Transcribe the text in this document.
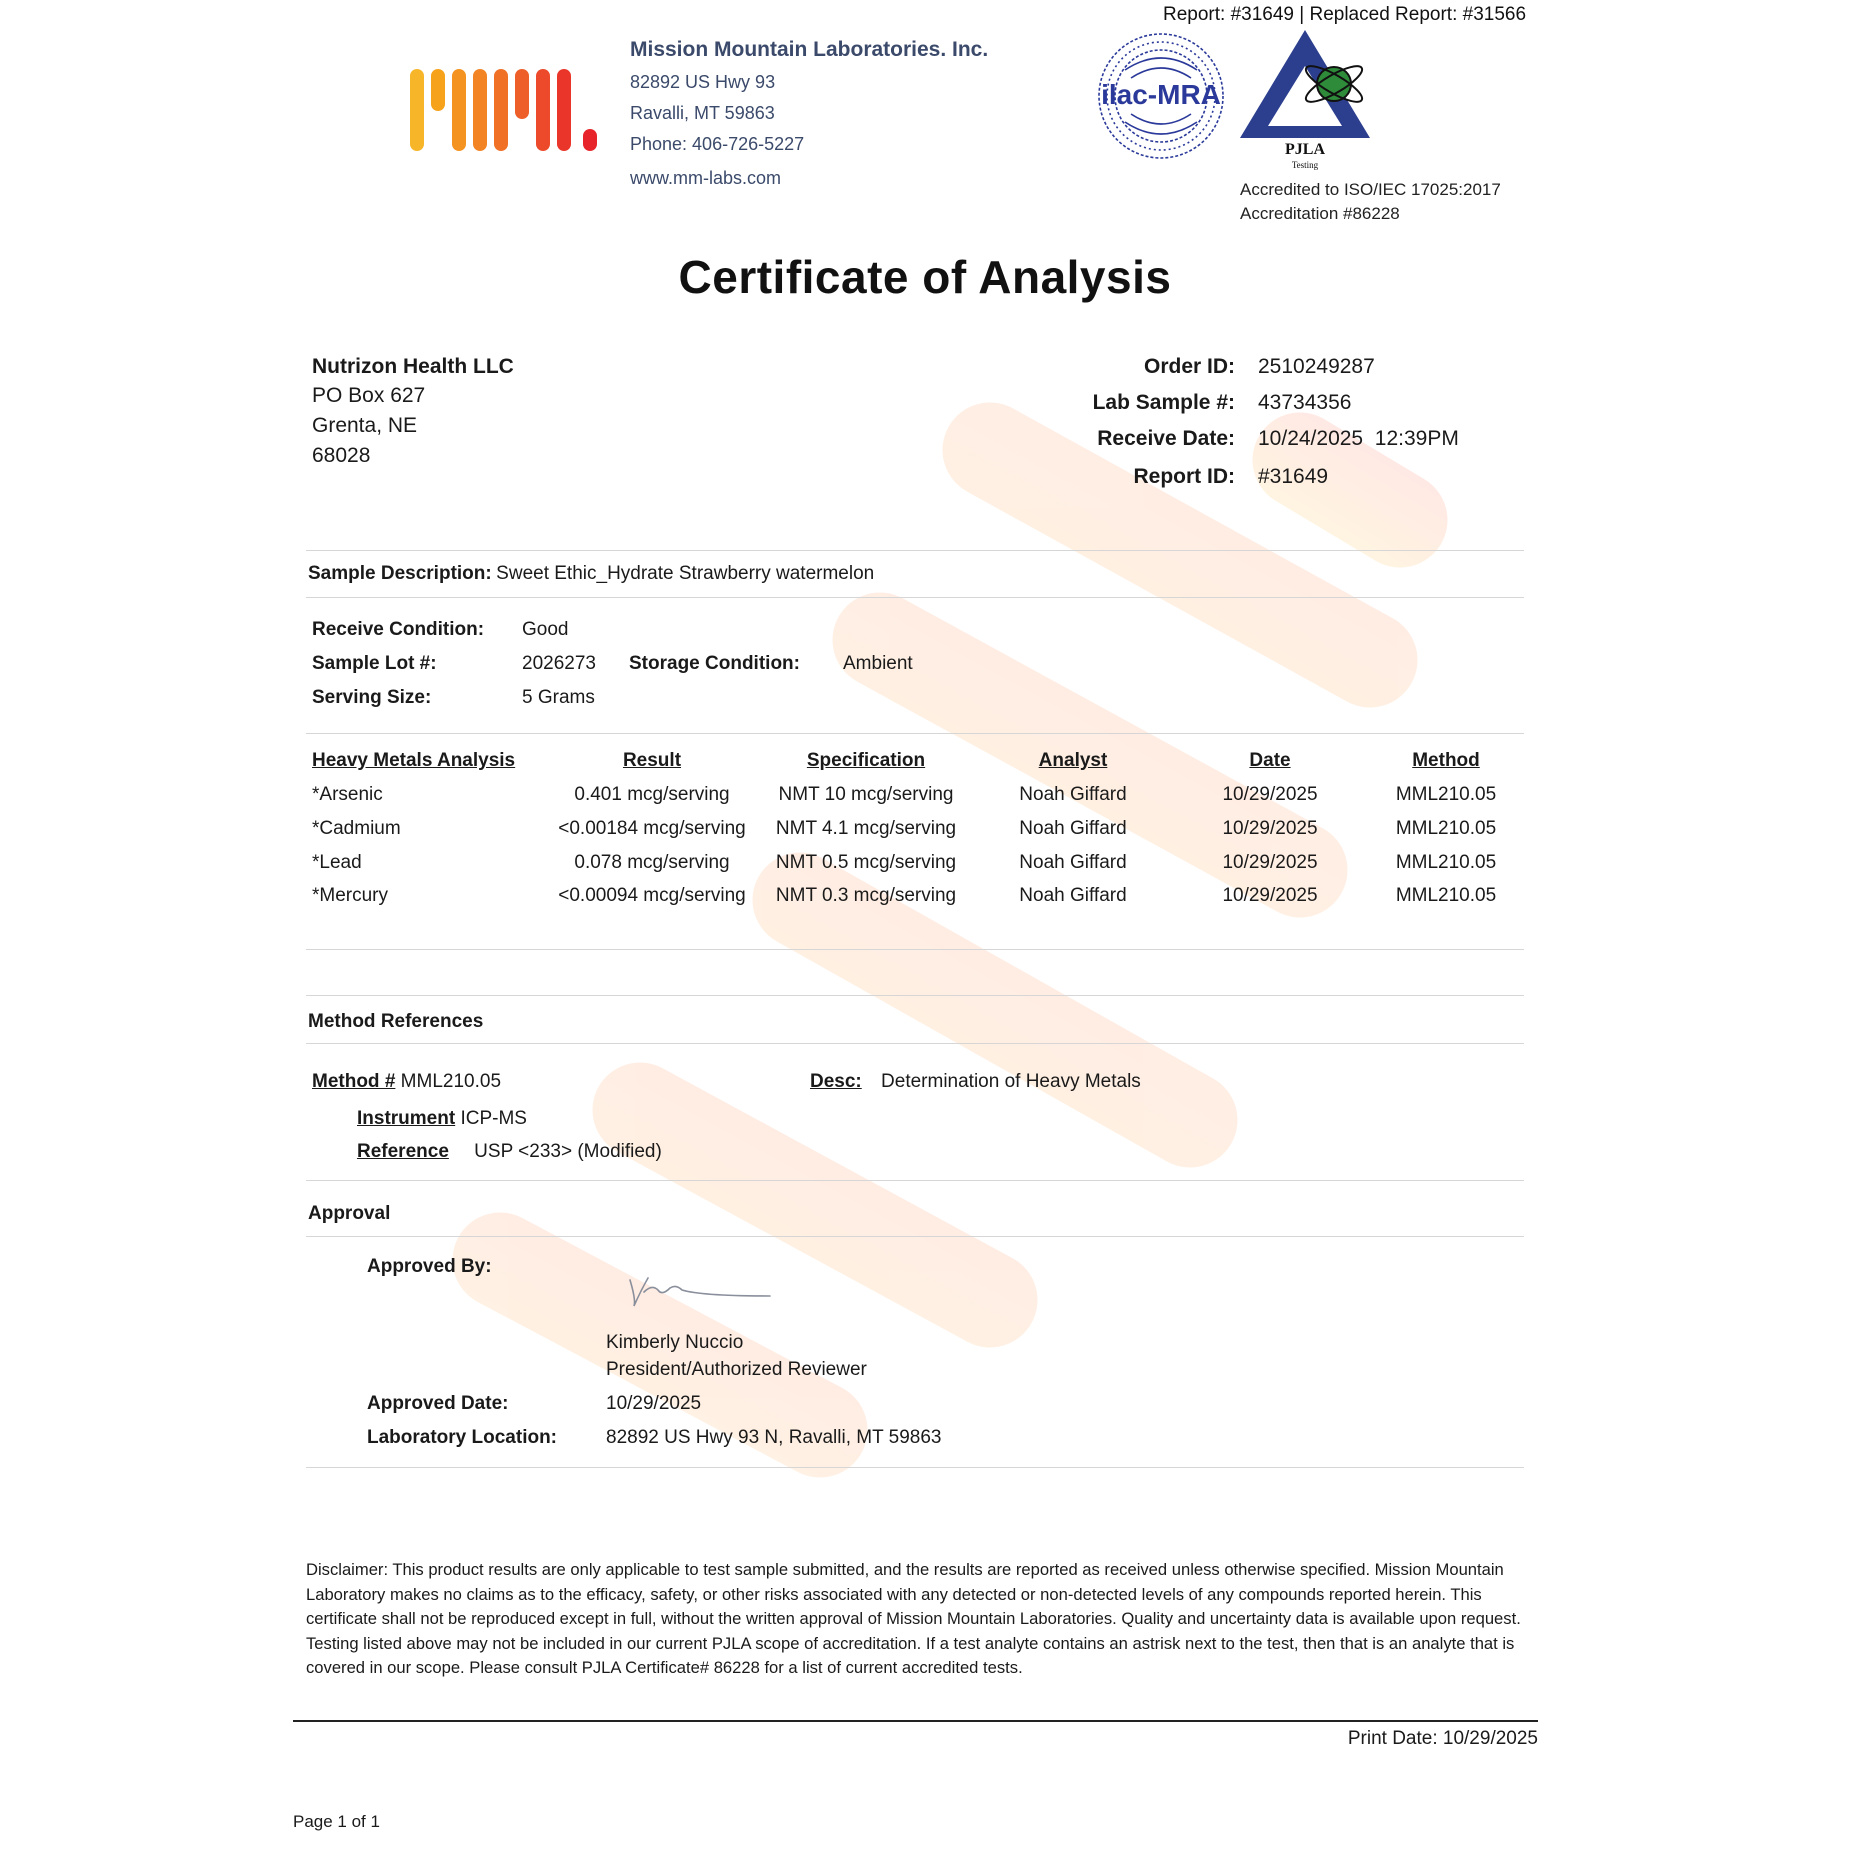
Mission Mountain Laboratories. Inc.
82892 US Hwy 93
Ravalli, MT 59863
Phone: 406-726-5227
www.mm-labs.com
Report: #31649 | Replaced Report: #31566
ilac-MRA
PJLA
Testing
Accredited to ISO/IEC 17025:2017
Accreditation #86228
Certificate of Analysis
Nutrizon Health LLC
PO Box 627
Grenta, NE
68028
Order ID: 2510249287
Lab Sample #: 43734356
Receive Date: 10/24/2025  12:39PM
Report ID: #31649
Sample Description: Sweet Ethic_Hydrate Strawberry watermelon
Receive Condition: Good
Sample Lot #:	2026273 Storage Condition: Ambient
Serving Size:	5 Grams
Heavy Metals Analysis	Result	Specification	Analyst	Date	Method
*Arsenic	0.401 mcg/serving	NMT 10 mcg/serving	Noah Giffard	10/29/2025	MML210.05
*Cadmium	<0.00184 mcg/serving	NMT 4.1 mcg/serving	Noah Giffard	10/29/2025	MML210.05
*Lead	0.078 mcg/serving	NMT 0.5 mcg/serving	Noah Giffard	10/29/2025	MML210.05
*Mercury	<0.00094 mcg/serving	NMT 0.3 mcg/serving	Noah Giffard	10/29/2025	MML210.05
Method References
Method # MML210.05	Desc: Determination of Heavy Metals
Instrument ICP-MS
Reference USP <233> (Modified)
Approval
Approved By:
Kimberly Nuccio
President/Authorized Reviewer
Approved Date:	10/29/2025
Laboratory Location:	82892 US Hwy 93 N, Ravalli, MT 59863
Disclaimer: This product results are only applicable to test sample submitted, and the results are reported as received unless otherwise specified. Mission Mountain Laboratory makes no claims as to the efficacy, safety, or other risks associated with any detected or non-detected levels of any compounds reported herein. This certificate shall not be reproduced except in full, without the written approval of Mission Mountain Laboratories. Quality and uncertainty data is available upon request. Testing listed above may not be included in our current PJLA scope of accreditation. If a test analyte contains an astrisk next to the test, then that is an analyte that is covered in our scope. Please consult PJLA Certificate# 86228 for a list of current accredited tests.
Print Date: 10/29/2025
Page 1 of 1
